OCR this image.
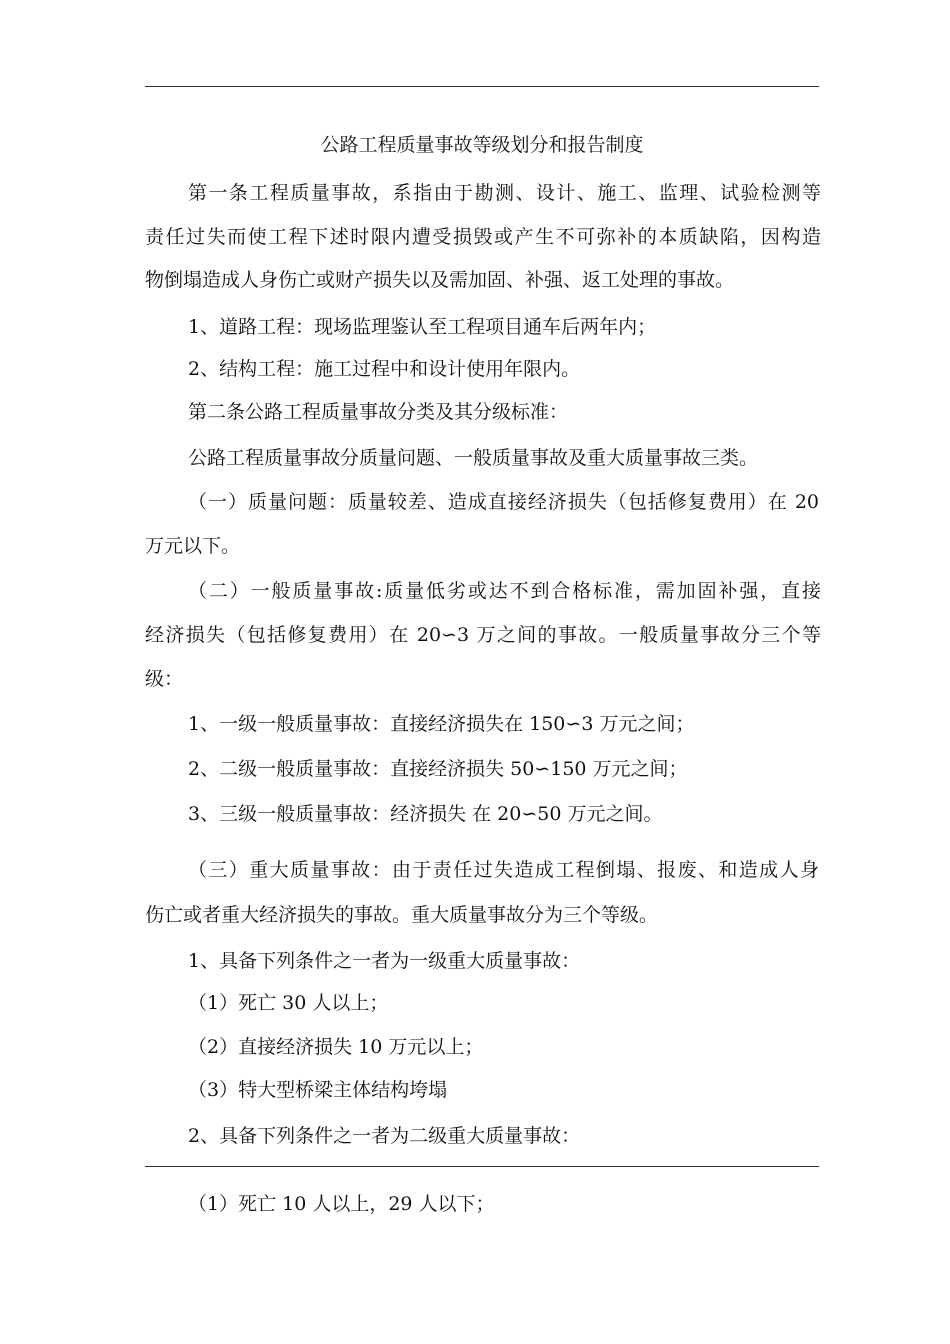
公路工程质量事故等级划分和报告制度
第一条工程质量事故，系指由于勘测、设计、施工、监理、试验检测等
责任过失而使工程下述时限内遭受损毁或产生不可弥补的本质缺陷，因构造
物倒塌造成人身伤亡或财产损失以及需加固、补强、返工处理的事故。
1、道路工程：现场监理鉴认至工程项目通车后两年内；
2、结构工程：施工过程中和设计使用年限内。
第二条公路工程质量事故分类及其分级标准：
公路工程质量事故分质量问题、一般质量事故及重大质量事故三类。
（一）质量问题：质量较差、造成直接经济损失（包括修复费用）在 20
万元以下。
（二）一般质量事故:质量低劣或达不到合格标准，需加固补强，直接
经济损失（包括修复费用）在 20∽3 万之间的事故。一般质量事故分三个等
级：
1、一级一般质量事故：直接经济损失在 150∽3 万元之间；
2、二级一般质量事故：直接经济损失 50∽150 万元之间；
3、三级一般质量事故：经济损失 在 20∽50 万元之间。
（三）重大质量事故：由于责任过失造成工程倒塌、报废、和造成人身
伤亡或者重大经济损失的事故。重大质量事故分为三个等级。
1、具备下列条件之一者为一级重大质量事故：
（1）死亡 30 人以上；
（2）直接经济损失 10 万元以上；
（3）特大型桥梁主体结构垮塌
2、具备下列条件之一者为二级重大质量事故：
（1）死亡 10 人以上，29 人以下；
